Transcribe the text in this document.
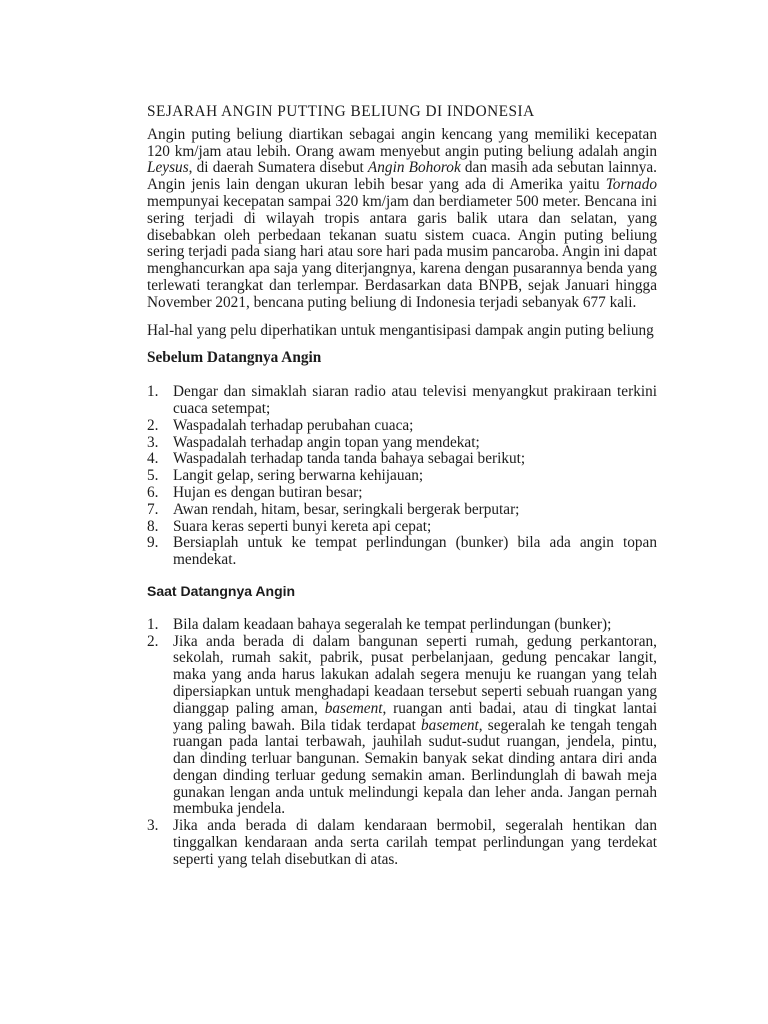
SEJARAH ANGIN PUTTING BELIUNG DI INDONESIA

Angin puting beliung diartikan sebagai angin kencang yang memiliki kecepatan 120 km/jam atau lebih. Orang awam menyebut angin puting beliung adalah angin Leysus, di daerah Sumatera disebut Angin Bohorok dan masih ada sebutan lainnya. Angin jenis lain dengan ukuran lebih besar yang ada di Amerika yaitu Tornado mempunyai kecepatan sampai 320 km/jam dan berdiameter 500 meter. Bencana ini sering terjadi di wilayah tropis antara garis balik utara dan selatan, yang disebabkan oleh perbedaan tekanan suatu sistem cuaca. Angin puting beliung sering terjadi pada siang hari atau sore hari pada musim pancaroba. Angin ini dapat menghancurkan apa saja yang diterjangnya, karena dengan pusarannya benda yang terlewati terangkat dan terlempar. Berdasarkan data BNPB, sejak Januari hingga November 2021, bencana puting beliung di Indonesia terjadi sebanyak 677 kali.

Hal-hal yang pelu diperhatikan untuk mengantisipasi dampak angin puting beliung

Sebelum Datangnya Angin
1. Dengar dan simaklah siaran radio atau televisi menyangkut prakiraan terkini cuaca setempat;
2. Waspadalah terhadap perubahan cuaca;
3. Waspadalah terhadap angin topan yang mendekat;
4. Waspadalah terhadap tanda tanda bahaya sebagai berikut;
5. Langit gelap, sering berwarna kehijauan;
6. Hujan es dengan butiran besar;
7. Awan rendah, hitam, besar, seringkali bergerak berputar;
8. Suara keras seperti bunyi kereta api cepat;
9. Bersiaplah untuk ke tempat perlindungan (bunker) bila ada angin topan mendekat.
Saat Datangnya Angin
1. Bila dalam keadaan bahaya segeralah ke tempat perlindungan (bunker);
2. Jika anda berada di dalam bangunan seperti rumah, gedung perkantoran, sekolah, rumah sakit, pabrik, pusat perbelanjaan, gedung pencakar langit, maka yang anda harus lakukan adalah segera menuju ke ruangan yang telah dipersiapkan untuk menghadapi keadaan tersebut seperti sebuah ruangan yang dianggap paling aman, basement, ruangan anti badai, atau di tingkat lantai yang paling bawah. Bila tidak terdapat basement, segeralah ke tengah tengah ruangan pada lantai terbawah, jauhilah sudut-sudut ruangan, jendela, pintu, dan dinding terluar bangunan. Semakin banyak sekat dinding antara diri anda dengan dinding terluar gedung semakin aman. Berlindunglah di bawah meja gunakan lengan anda untuk melindungi kepala dan leher anda. Jangan pernah membuka jendela.
3. Jika anda berada di dalam kendaraan bermobil, segeralah hentikan dan tinggalkan kendaraan anda serta carilah tempat perlindungan yang terdekat seperti yang telah disebutkan di atas.
